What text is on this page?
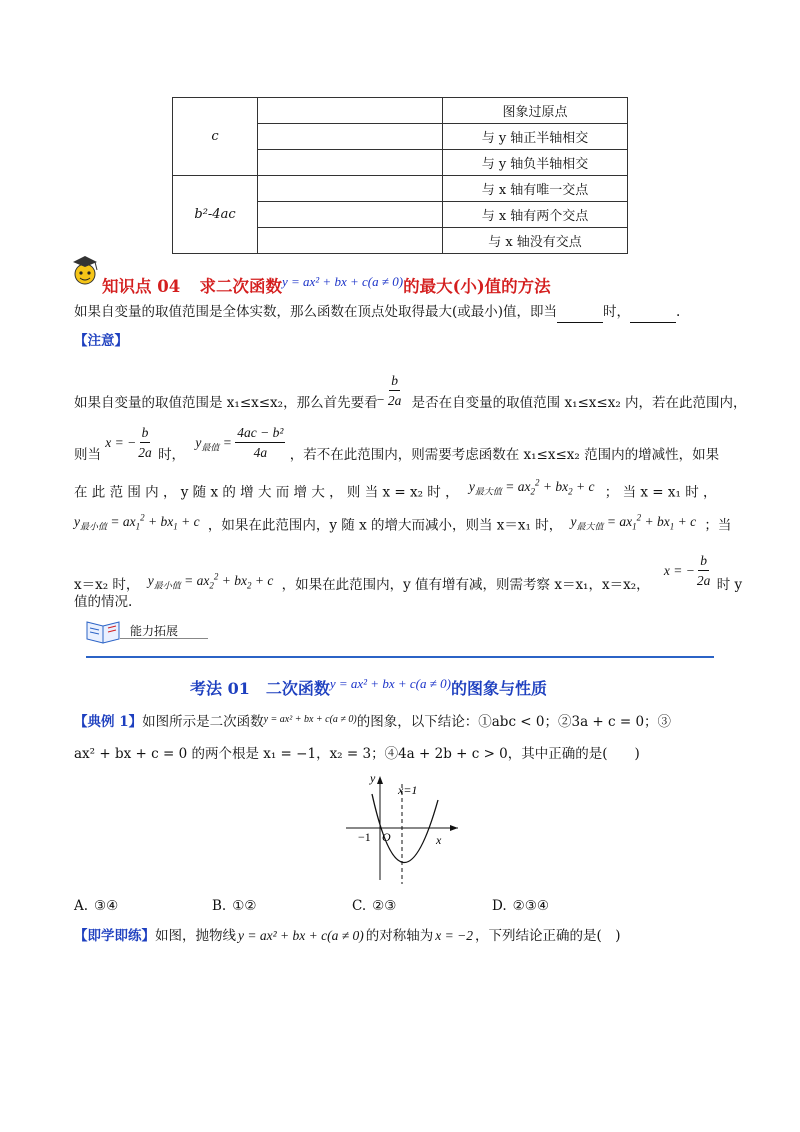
c		图象过原点
		与 y 轴正半轴相交
		与 y 轴负半轴相交
b²-4ac		与 x 轴有唯一交点
		与 x 轴有两个交点
		与 x 轴没有交点
知识点 04 求二次函数$^{y = ax^2 + bx + c(a \ne 0)}$的最大(小)值的方法
如果自变量的取值范围是全体实数，那么函数在顶点处取得最大(或最小)值，即当	时，	.
【注意】
如果自变量的取值范围是 x₁≤x≤x₂，那么首先要看
−
b
2a 是否在自变量的取值范围 x₁≤x≤x₂ 内，若在此范围内，
则当 x = − $\frac{b}{2a}$ 时， $y_{最值} = \frac{\text{4ac − b²}}{4a}$ ，若不在此范围内，则需要考虑函数在 x₁≤x≤x₂ 范围内的增减性，如果
在 此 范 围 内 ， y 随 x 的 增 大 而 增 大 ， 则 当 x = x₂ 时 ， $y_{最大值} = ax_2^2 + bx_2 + c$ ； 当 x = x₁ 时 ，
$y_{最小值} = ax_1^2 + bx_1 + c$ ，如果在此范围内，y 随 x 的增大而减小，则当 x＝x₁ 时， $y_{最大值} = ax_1^2 + bx_1 + c$ ；当
x＝x₂ 时， $y_{最小值} = ax_2^2 + bx_2 + c$ ，如果在此范围内，y 值有增有减，则需考察 x＝x₁，x＝x₂， x = − $\frac{b}{2a}$ 时 y
值的情况.
能力拓展
考法 01　二次函数$^{y = ax^2 + bx + c(a \ne 0)}$的图象与性质
【典例 1】如图所示是二次函数$^{y = ax^2 + bx + c(a \ne 0)}$的图象，以下结论：①abc < 0；②3a + c = 0；③
ax² + bx + c = 0 的两个根是 x₁ = −1，x₂ = 3；④4a + 2b + c > 0，其中正确的是(　　)
y
x=1
O
−1	x
A. ③④	B. ①②	C. ②③	D. ②③④
【即学即练】如图，抛物线 y = ax² + bx + c(a ≠ 0) 的对称轴为 x = −2 ，下列结论正确的是(　)
